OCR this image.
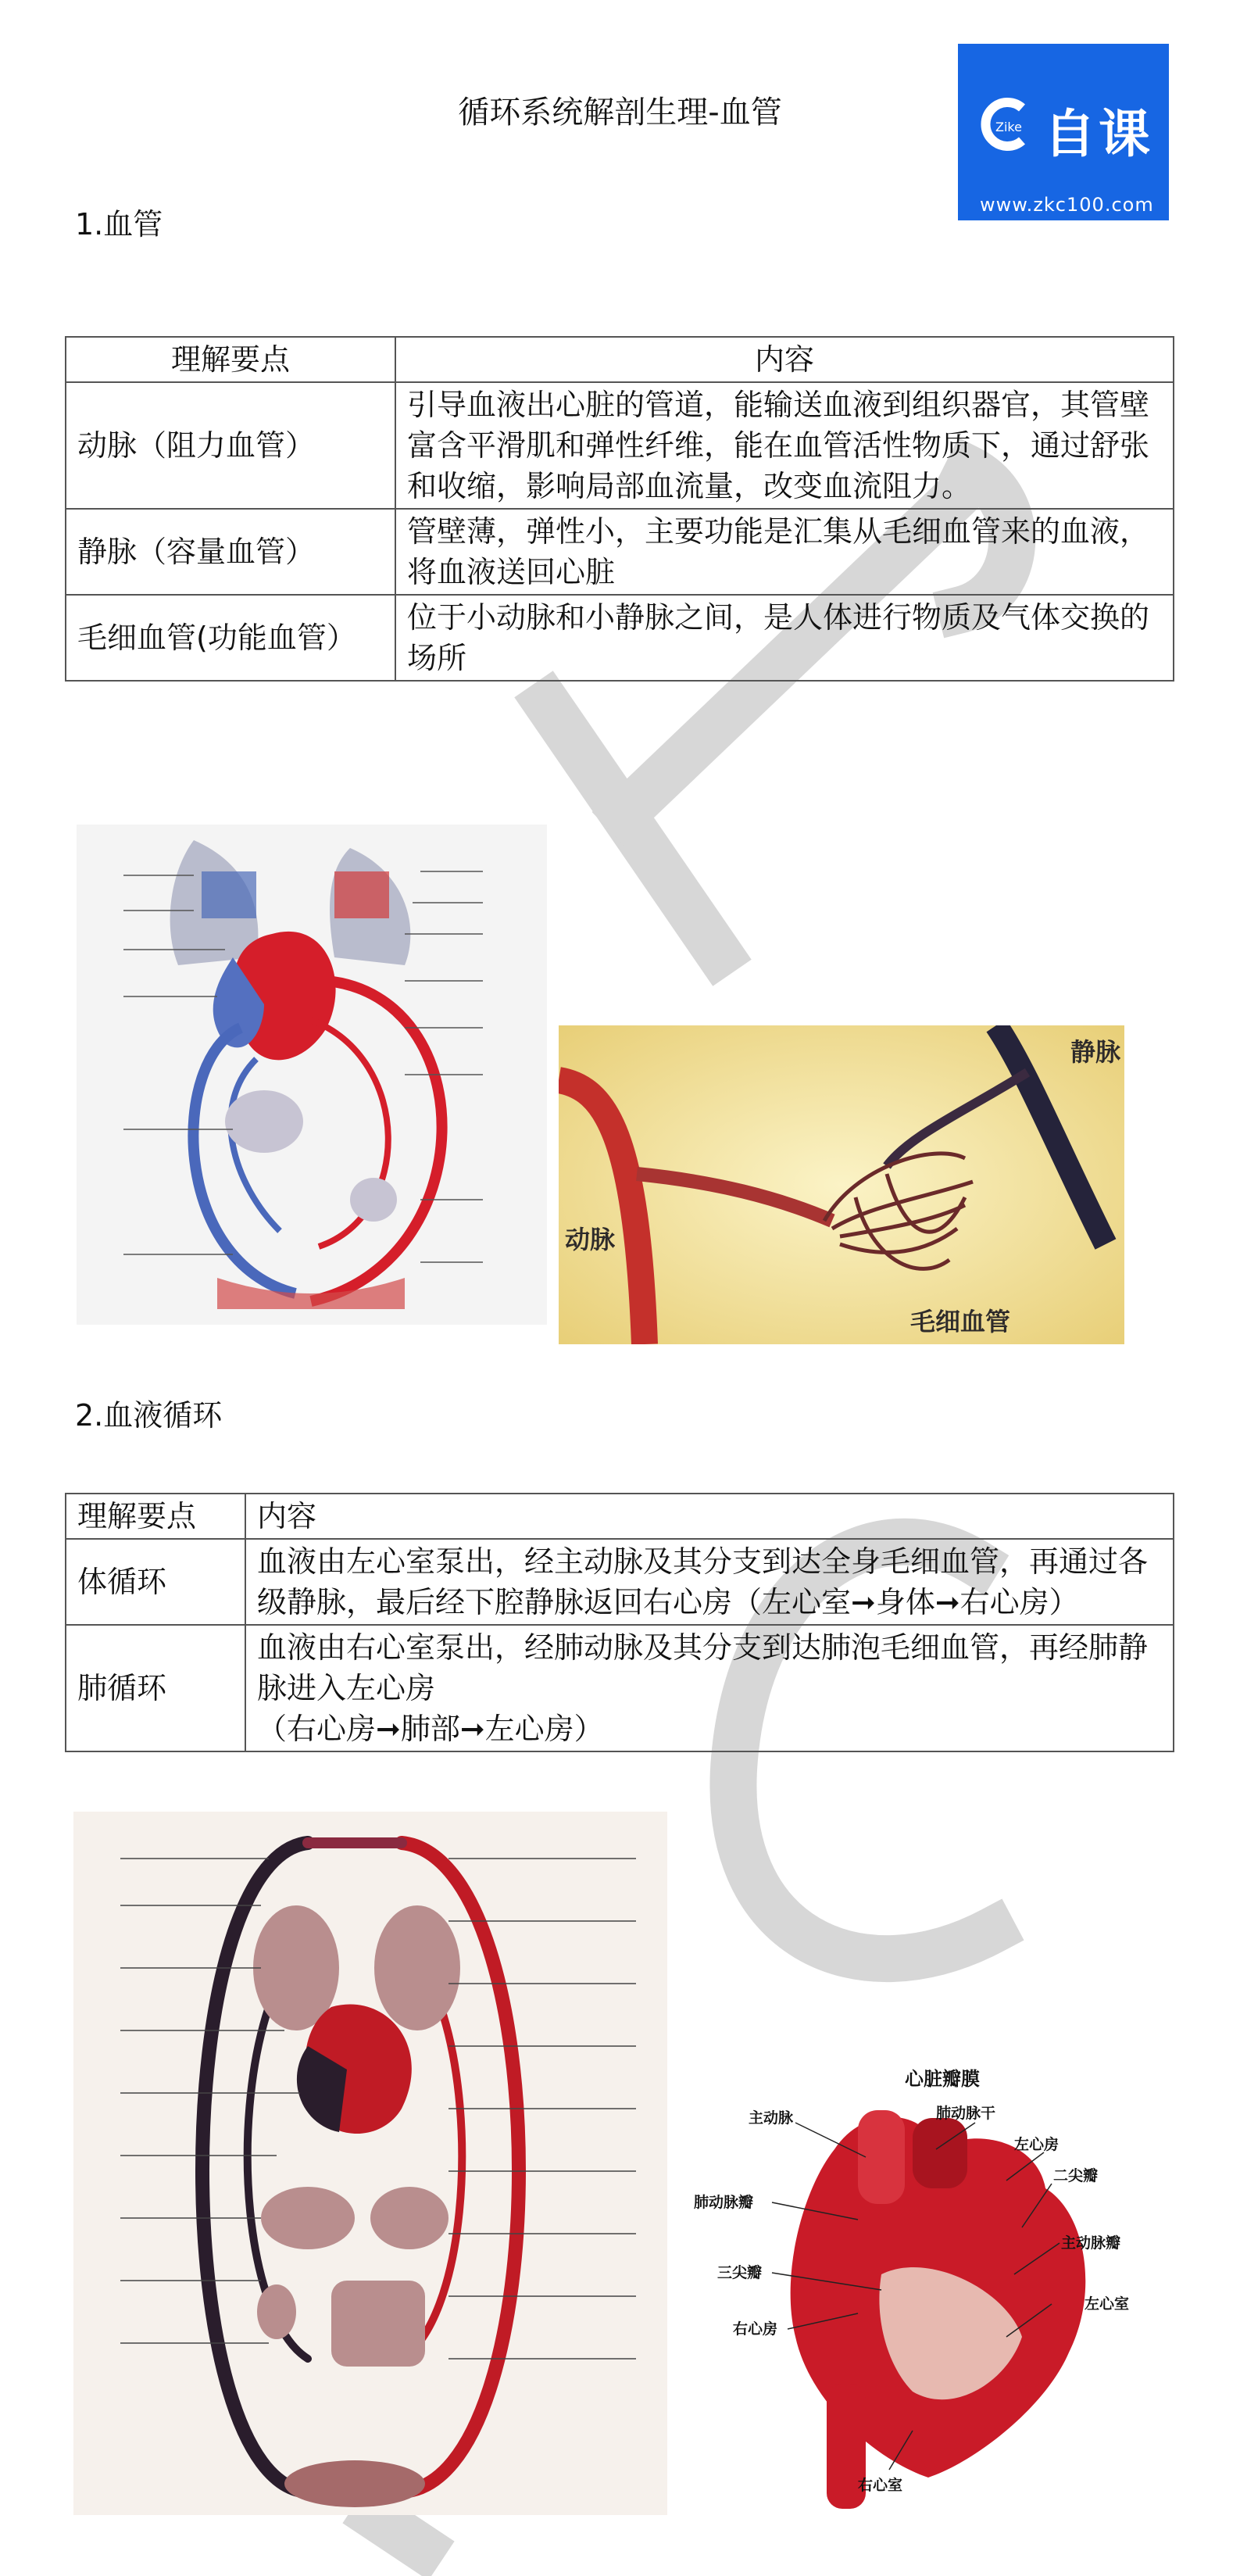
循环系统解剖生理-血管	Zike 自课
www.zkc100.com
1.血管
理解要点	内容
动脉（阻力血管）	引导血液出心脏的管道，能输送血液到组织器官，其管壁富含平滑肌和弹性纤维，能在血管活性物质下，通过舒张和收缩，影响局部血流量，改变血流阻力。
静脉（容量血管）	管壁薄，弹性小，主要功能是汇集从毛细血管来的血液，将血液送回心脏
毛细血管(功能血管）	位于小动脉和小静脉之间，是人体进行物质及气体交换的场所
静脉
动脉
毛细血管
2.血液循环
理解要点	内容
体循环	血液由左心室泵出，经主动脉及其分支到达全身毛细血管，再通过各级静脉，最后经下腔静脉返回右心房（左心室➞身体➞右心房）
肺循环	血液由右心室泵出，经肺动脉及其分支到达肺泡毛细血管，再经肺静脉进入左心房
（右心房➞肺部➞左心房）
心脏瓣膜
主动脉	肺动脉干
左心房
二尖瓣
肺动脉瓣
主动脉瓣
三尖瓣
左心室
右心房
右心室
